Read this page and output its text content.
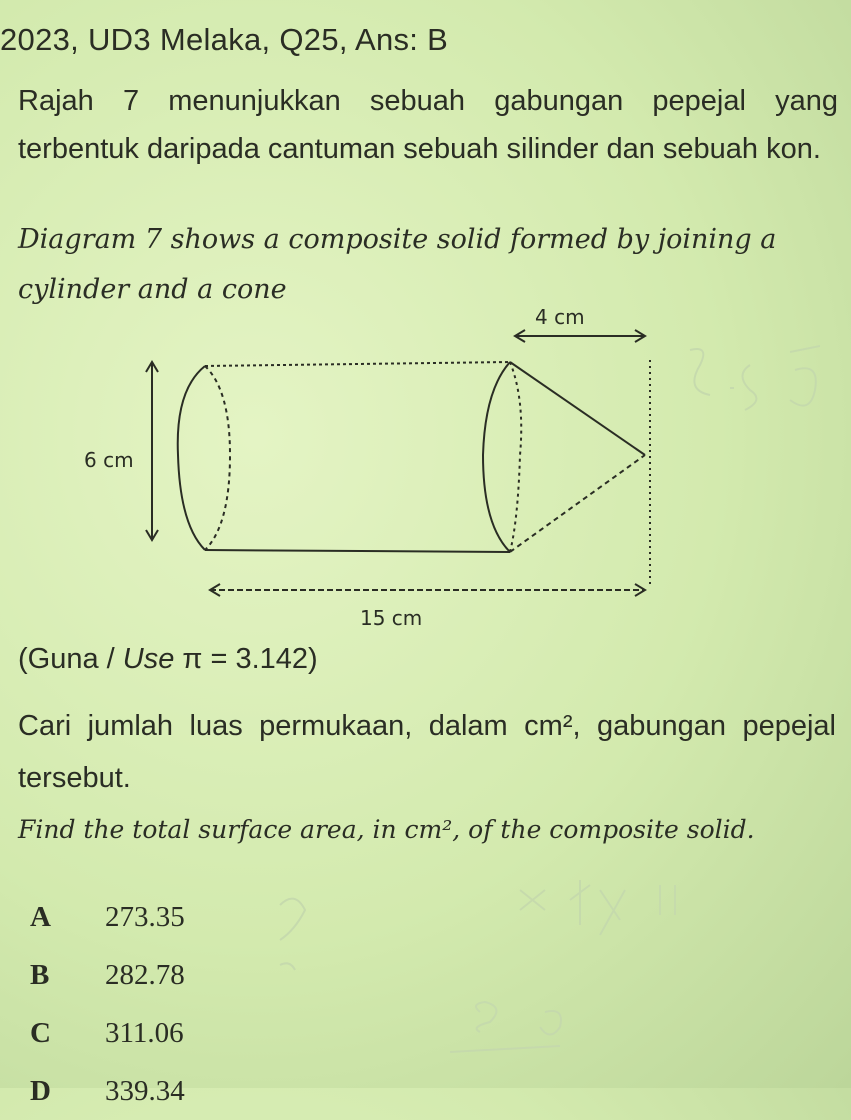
2023, UD3 Melaka, Q25, Ans: B
Rajah 7 menunjukkan sebuah gabungan pepejal yang terbentuk daripada cantuman sebuah silinder dan sebuah kon.
Diagram 7 shows a composite solid formed by joining a cylinder and a cone
4 cm
6 cm
15 cm
(Guna / Use π = 3.142)
Cari jumlah luas permukaan, dalam cm², gabungan pepejal tersebut.
Find the total surface area, in cm², of the composite solid.
A	273.35
B	282.78
C	311.06
D	339.34
